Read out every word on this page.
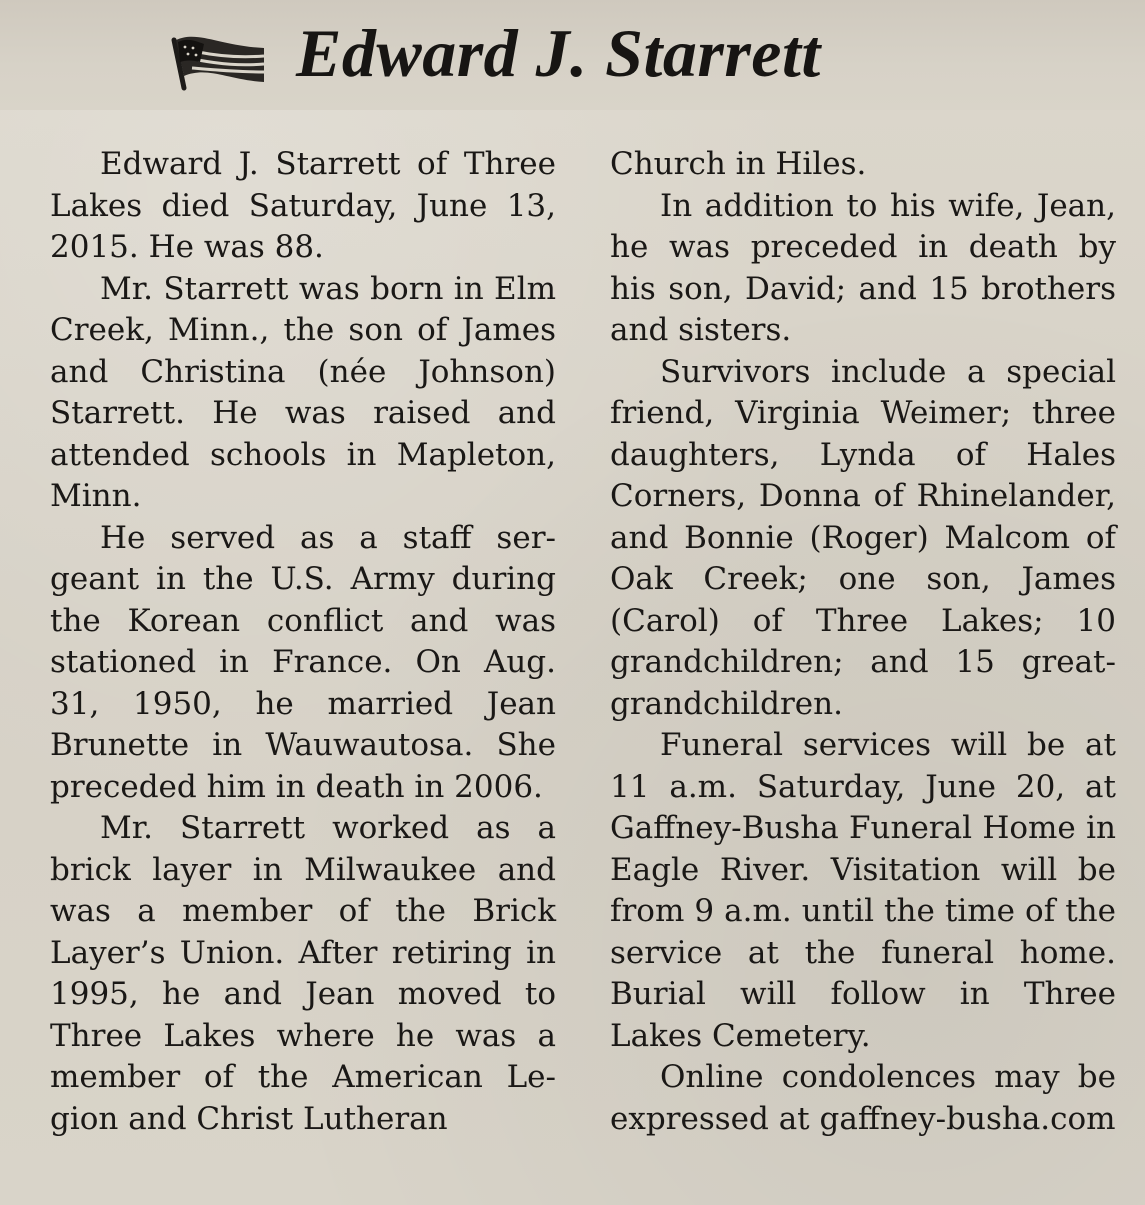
Edward J. Starrett

Edward J. Starrett of Three Lakes died Saturday, June 13, 2015. He was 88.

Mr. Starrett was born in Elm Creek, Minn., the son of James and Christina (née Johnson) Starrett. He was raised and attended schools in Mapleton, Minn.

He served as a staff sergeant in the U.S. Army during the Korean conflict and was stationed in France. On Aug. 31, 1950, he married Jean Brunette in Wauwautosa. She preceded him in death in 2006.

Mr. Starrett worked as a brick layer in Milwaukee and was a member of the Brick Layer’s Union. After retiring in 1995, he and Jean moved to Three Lakes where he was a member of the American Legion and Christ Lutheran

Church in Hiles.

In addition to his wife, Jean, he was preceded in death by his son, David; and 15 brothers and sisters.

Survivors include a special friend, Virginia Weimer; three daughters, Lynda of Hales Corners, Donna of Rhinelander, and Bonnie (Roger) Malcom of Oak Creek; one son, James (Carol) of Three Lakes; 10 grandchildren; and 15 great-grandchildren.

Funeral services will be at 11 a.m. Saturday, June 20, at Gaffney-Busha Funeral Home in Eagle River. Visitation will be from 9 a.m. until the time of the service at the funeral home. Burial will follow in Three Lakes Cemetery.

Online condolences may be expressed at gaffney-busha.com
